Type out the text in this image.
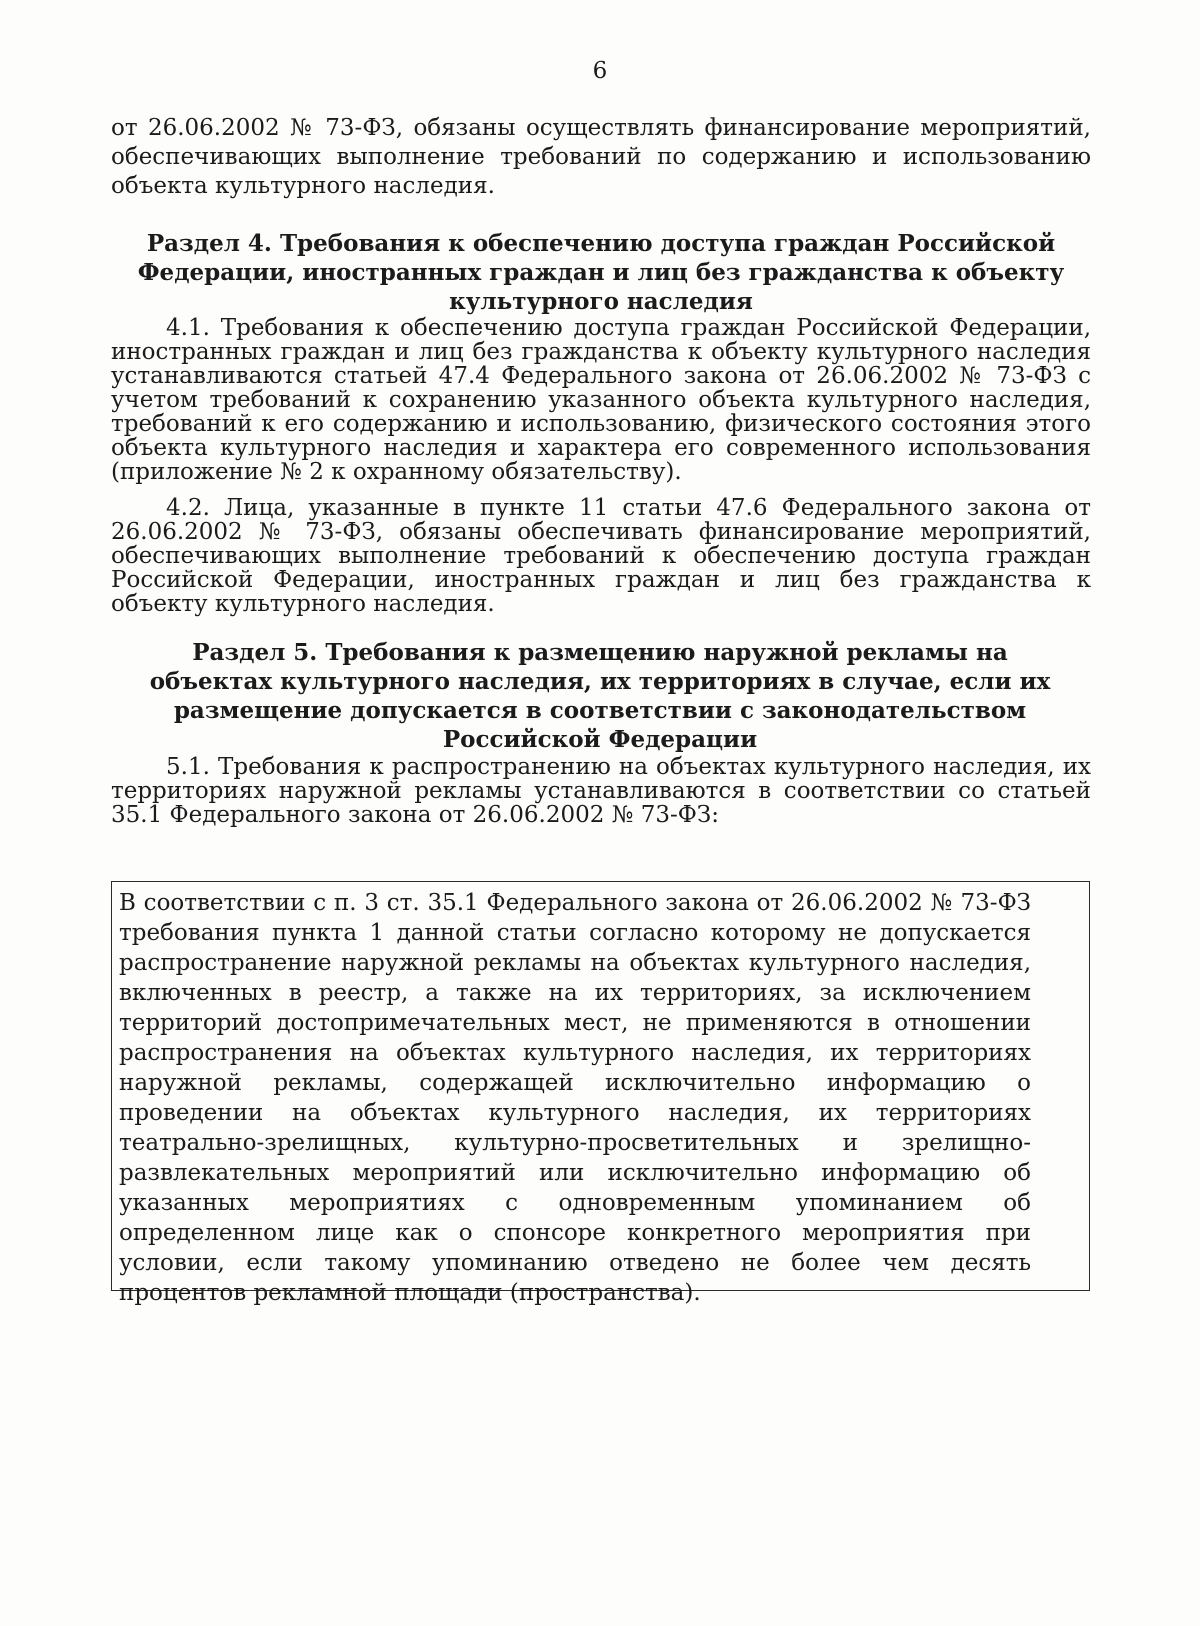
6

от 26.06.2002 № 73-ФЗ, обязаны осуществлять финансирование мероприятий, обеспечивающих выполнение требований по содержанию и использованию объекта культурного наследия.

Раздел 4. Требования к обеспечению доступа граждан Российской Федерации, иностранных граждан и лиц без гражданства к объекту культурного наследия

4.1. Требования к обеспечению доступа граждан Российской Федерации, иностранных граждан и лиц без гражданства к объекту культурного наследия устанавливаются статьей 47.4 Федерального закона от 26.06.2002 № 73-ФЗ с учетом требований к сохранению указанного объекта культурного наследия, требований к его содержанию и использованию, физического состояния этого объекта культурного наследия и характера его современного использования (приложение № 2 к охранному обязательству).

4.2. Лица, указанные в пункте 11 статьи 47.6 Федерального закона от 26.06.2002 № 73-ФЗ, обязаны обеспечивать финансирование мероприятий, обеспечивающих выполнение требований к обеспечению доступа граждан Российской Федерации, иностранных граждан и лиц без гражданства к объекту культурного наследия.

Раздел 5. Требования к размещению наружной рекламы на объектах культурного наследия, их территориях в случае, если их размещение допускается в соответствии с законодательством Российской Федерации

5.1. Требования к распространению на объектах культурного наследия, их территориях наружной рекламы устанавливаются в соответствии со статьей 35.1 Федерального закона от 26.06.2002 № 73-ФЗ:

В соответствии с п. 3 ст. 35.1 Федерального закона от 26.06.2002 № 73-ФЗ требования пункта 1 данной статьи согласно которому не допускается распространение наружной рекламы на объектах культурного наследия, включенных в реестр, а также на их территориях, за исключением территорий достопримечательных мест, не применяются в отношении распространения на объектах культурного наследия, их территориях наружной рекламы, содержащей исключительно информацию о проведении на объектах культурного наследия, их территориях театрально-зрелищных, культурно-просветительных и зрелищно-развлекательных мероприятий или исключительно информацию об указанных мероприятиях с одновременным упоминанием об определенном лице как о спонсоре конкретного мероприятия при условии, если такому упоминанию отведено не более чем десять процентов рекламной площади (пространства).
